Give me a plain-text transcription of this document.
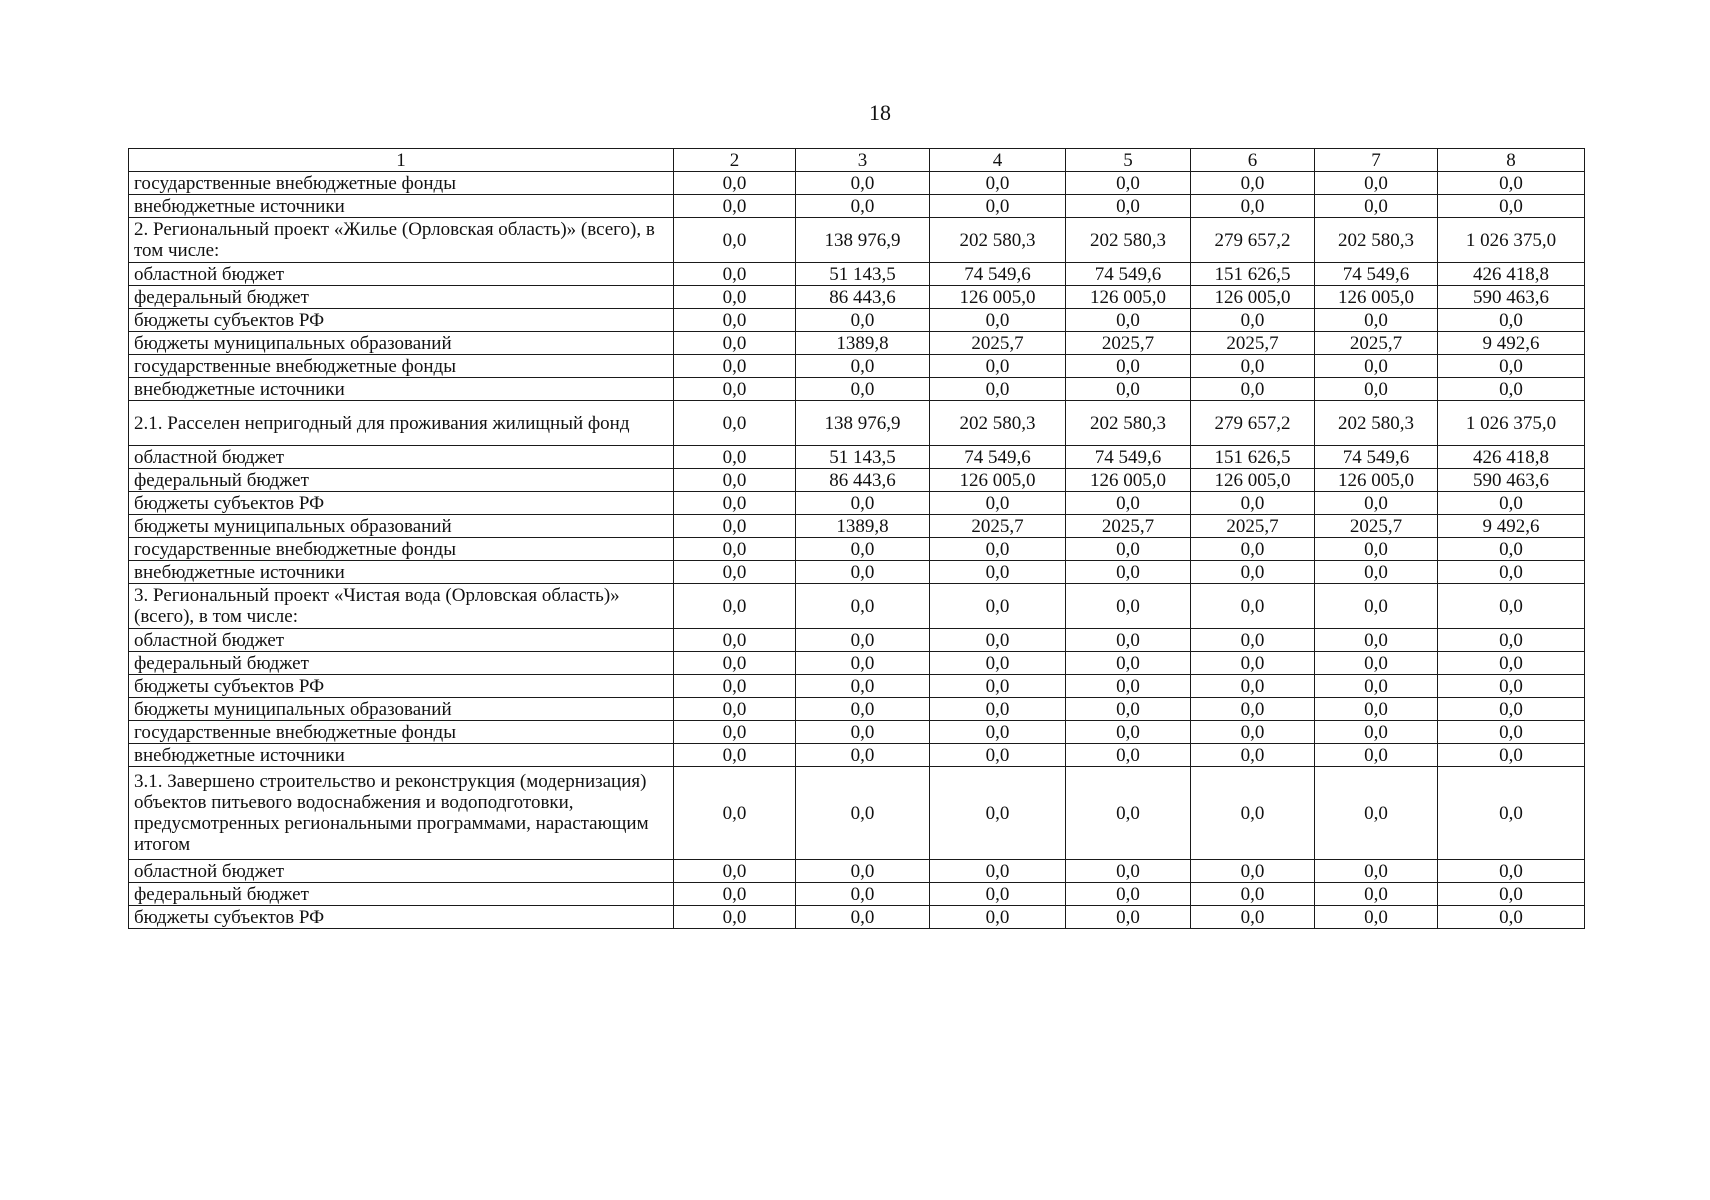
18
1	2	3	4	5	6	7	8
государственные внебюджетные фонды	0,0	0,0	0,0	0,0	0,0	0,0	0,0
внебюджетные источники	0,0	0,0	0,0	0,0	0,0	0,0	0,0
2. Региональный проект «Жилье (Орловская область)» (всего), в том числе:	0,0	138 976,9	202 580,3	202 580,3	279 657,2	202 580,3	1 026 375,0
областной бюджет	0,0	51 143,5	74 549,6	74 549,6	151 626,5	74 549,6	426 418,8
федеральный бюджет	0,0	86 443,6	126 005,0	126 005,0	126 005,0	126 005,0	590 463,6
бюджеты субъектов РФ	0,0	0,0	0,0	0,0	0,0	0,0	0,0
бюджеты муниципальных образований	0,0	1389,8	2025,7	2025,7	2025,7	2025,7	9 492,6
государственные внебюджетные фонды	0,0	0,0	0,0	0,0	0,0	0,0	0,0
внебюджетные источники	0,0	0,0	0,0	0,0	0,0	0,0	0,0
2.1. Расселен непригодный для проживания жилищный фонд	0,0	138 976,9	202 580,3	202 580,3	279 657,2	202 580,3	1 026 375,0
областной бюджет	0,0	51 143,5	74 549,6	74 549,6	151 626,5	74 549,6	426 418,8
федеральный бюджет	0,0	86 443,6	126 005,0	126 005,0	126 005,0	126 005,0	590 463,6
бюджеты субъектов РФ	0,0	0,0	0,0	0,0	0,0	0,0	0,0
бюджеты муниципальных образований	0,0	1389,8	2025,7	2025,7	2025,7	2025,7	9 492,6
государственные внебюджетные фонды	0,0	0,0	0,0	0,0	0,0	0,0	0,0
внебюджетные источники	0,0	0,0	0,0	0,0	0,0	0,0	0,0
3. Региональный проект «Чистая вода (Орловская область)» (всего), в том числе:	0,0	0,0	0,0	0,0	0,0	0,0	0,0
областной бюджет	0,0	0,0	0,0	0,0	0,0	0,0	0,0
федеральный бюджет	0,0	0,0	0,0	0,0	0,0	0,0	0,0
бюджеты субъектов РФ	0,0	0,0	0,0	0,0	0,0	0,0	0,0
бюджеты муниципальных образований	0,0	0,0	0,0	0,0	0,0	0,0	0,0
государственные внебюджетные фонды	0,0	0,0	0,0	0,0	0,0	0,0	0,0
внебюджетные источники	0,0	0,0	0,0	0,0	0,0	0,0	0,0
3.1. Завершено строительство и реконструкция (модернизация) объектов питьевого водоснабжения и водоподготовки, предусмотренных региональными программами, нарастающим итогом	0,0	0,0	0,0	0,0	0,0	0,0	0,0
областной бюджет	0,0	0,0	0,0	0,0	0,0	0,0	0,0
федеральный бюджет	0,0	0,0	0,0	0,0	0,0	0,0	0,0
бюджеты субъектов РФ	0,0	0,0	0,0	0,0	0,0	0,0	0,0
